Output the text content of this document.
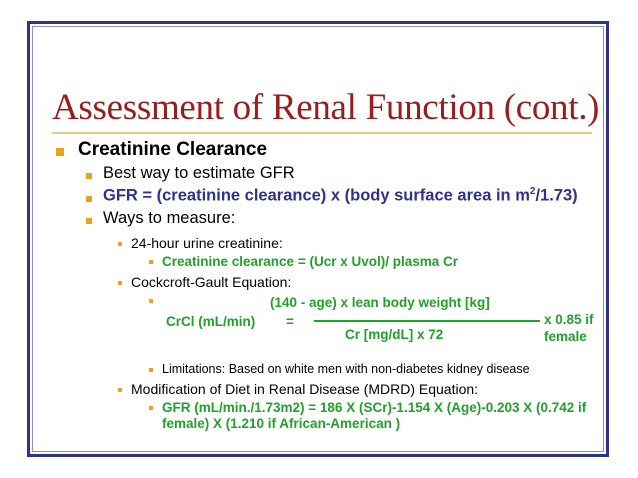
Assessment of Renal Function (cont.)
Creatinine Clearance
Best way to estimate GFR
GFR = (creatinine clearance) x (body surface area in $m^2/1.73$)
Ways to measure:
24-hour urine creatinine:
Creatinine clearance = (Ucr x Uvol)/ plasma Cr
Cockcroft-Gault Equation:
(140 - age) x lean body weight [kg]
CrCl (mL/min) =
Cr [mg/dL] x 72
x 0.85 if
female
Limitations: Based on white men with non-diabetes kidney disease
Modification of Diet in Renal Disease (MDRD) Equation:
GFR (mL/min./1.73m2) = 186 X (SCr)-1.154 X (Age)-0.203 X (0.742 if
female) X (1.210 if African-American )
